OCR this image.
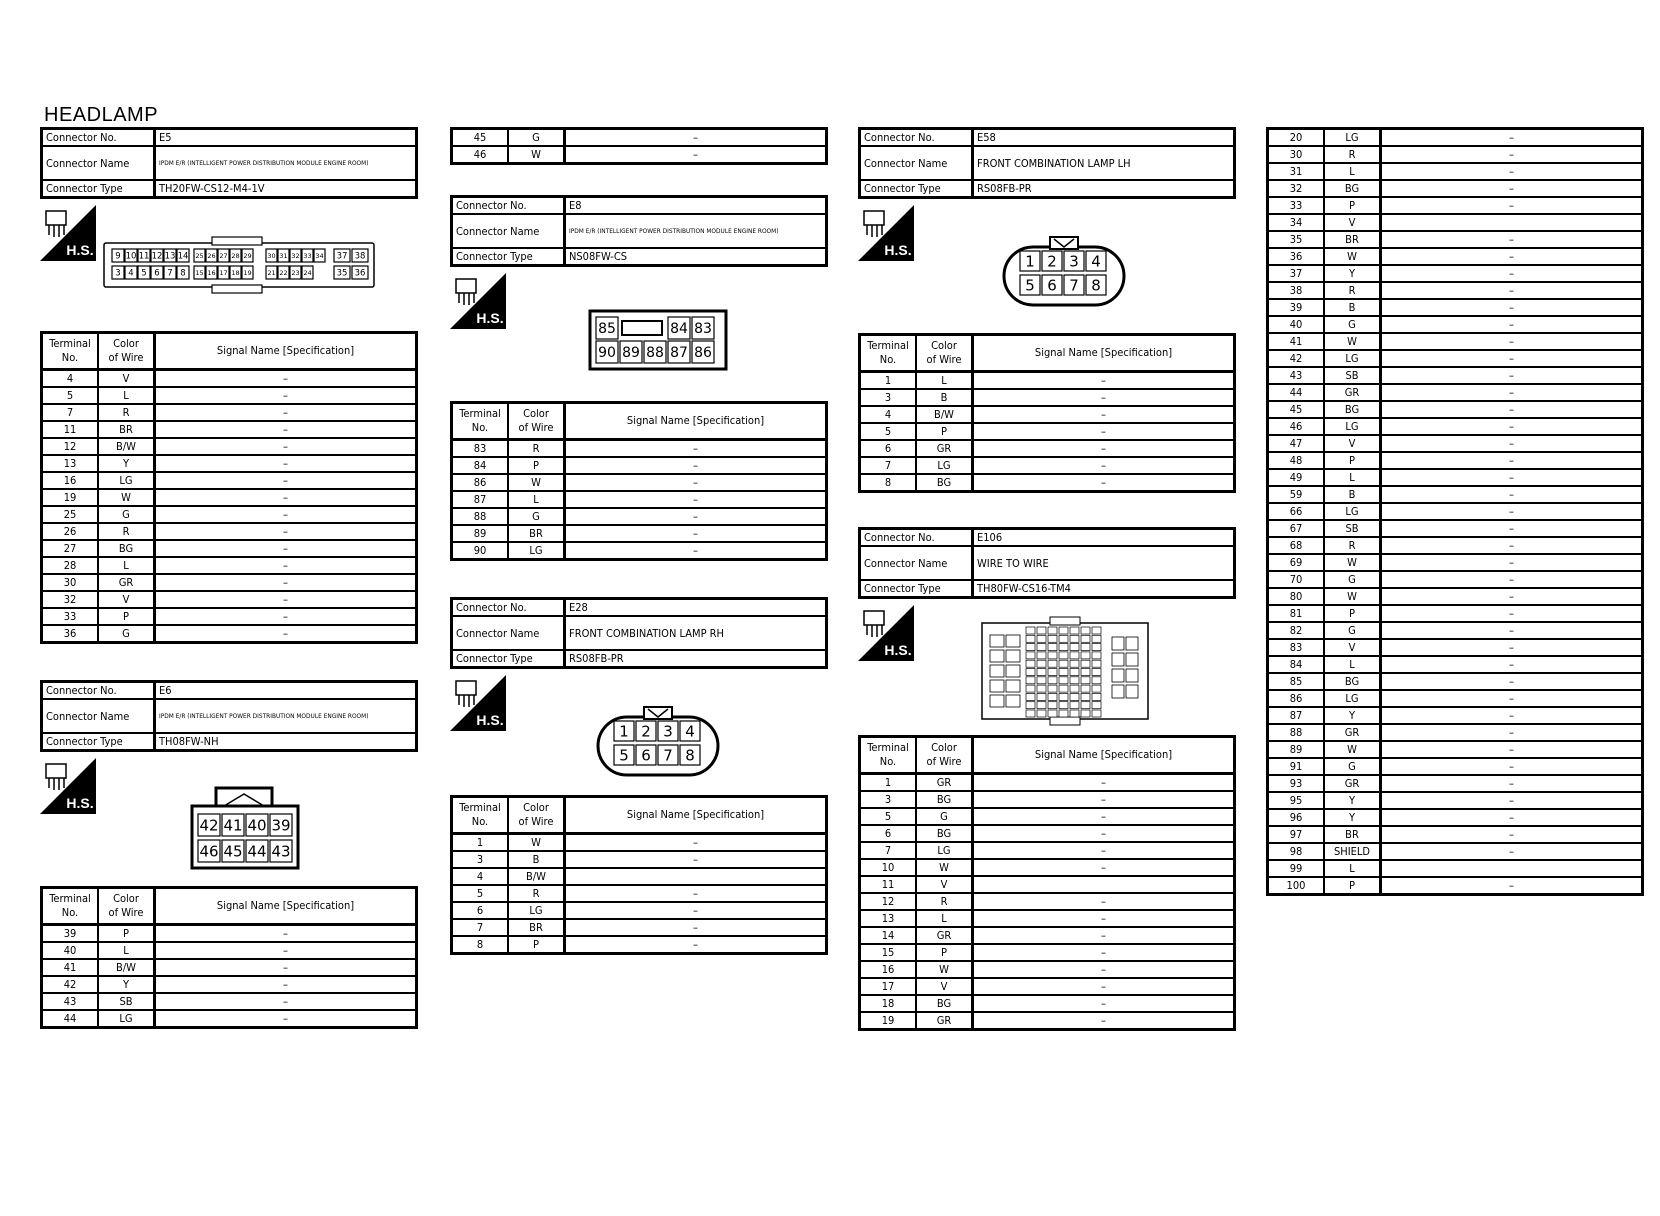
HEADLAMP
Connector No.	E5
Connector Name	IPDM E/R (INTELLIGENT POWER DISTRIBUTION MODULE ENGINE ROOM)
Connector Type	TH20FW-CS12-M4-1V
H.S.	9 10 11 12 13 14 25 26 27 28 29 30 31 32 33 34 37 38
3 4 5 6 7 8 15 16 17 18 19 21 22 23 24	35 36
Terminal
No.	Color
of Wire	Signal Name [Specification]
4	V	–
5	L	–
7	R	–
11	BR	–
12	B/W	–
13	Y	–
16	LG	–
19	W	–
25	G	–
26	R	–
27	BG	–
28	L	–
30	GR	–
32	V	–
33	P	–
36	G	–
Connector No.	E6
Connector Name	IPDM E/R (INTELLIGENT POWER DISTRIBUTION MODULE ENGINE ROOM)
Connector Type	TH08FW-NH
H.S.
42 41 40 39
46 45 44 43
Terminal
No.	Color
of Wire	Signal Name [Specification]
39	P	–
40	L	–
41	B/W	–
42	Y	–
43	SB	–
44	LG	–
45	G	–
46	W	–
Connector No.	E8
Connector Name	IPDM E/R (INTELLIGENT POWER DISTRIBUTION MODULE ENGINE ROOM)
Connector Type	NS08FW-CS
H.S.
85	84 83
90 89 88 87 86
Terminal
No.	Color
of Wire	Signal Name [Specification]
83	R	–
84	P	–
86	W	–
87	L	–
88	G	–
89	BR	–
90	LG	–
Connector No.	E28
Connector Name	FRONT COMBINATION LAMP RH
Connector Type	RS08FB-PR
H.S.
1 2 3 4
5 6 7 8
Terminal
No.	Color
of Wire	Signal Name [Specification]
1	W	–
3	B	–
4	B/W	
5	R	–
6	LG	–
7	BR	–
8	P	–
Connector No.	E58
Connector Name	FRONT COMBINATION LAMP LH
Connector Type	RS08FB-PR
H.S.
1 2 3 4
5 6 7 8
Terminal
No.	Color
of Wire	Signal Name [Specification]
1	L	–
3	B	–
4	B/W	–
5	P	–
6	GR	–
7	LG	–
8	BG	–
Connector No.	E106
Connector Name	WIRE TO WIRE
Connector Type	TH80FW-CS16-TM4
H.S.
Terminal
No.	Color
of Wire	Signal Name [Specification]
1	GR	–
3	BG	–
5	G	–
6	BG	–
7	LG	–
10	W	–
11	V	
12	R	–
13	L	–
14	GR	–
15	P	–
16	W	–
17	V	–
18	BG	–
19	GR	–
20	LG	–
30	R	–
31	L	–
32	BG	–
33	P	–
34	V	
35	BR	–
36	W	–
37	Y	–
38	R	–
39	B	–
40	G	–
41	W	–
42	LG	–
43	SB	–
44	GR	–
45	BG	–
46	LG	–
47	V	–
48	P	–
49	L	–
59	B	–
66	LG	–
67	SB	–
68	R	–
69	W	–
70	G	–
80	W	–
81	P	–
82	G	–
83	V	–
84	L	–
85	BG	–
86	LG	–
87	Y	–
88	GR	–
89	W	–
91	G	–
93	GR	–
95	Y	–
96	Y	–
97	BR	–
98	SHIELD	–
99	L	
100	P	–
